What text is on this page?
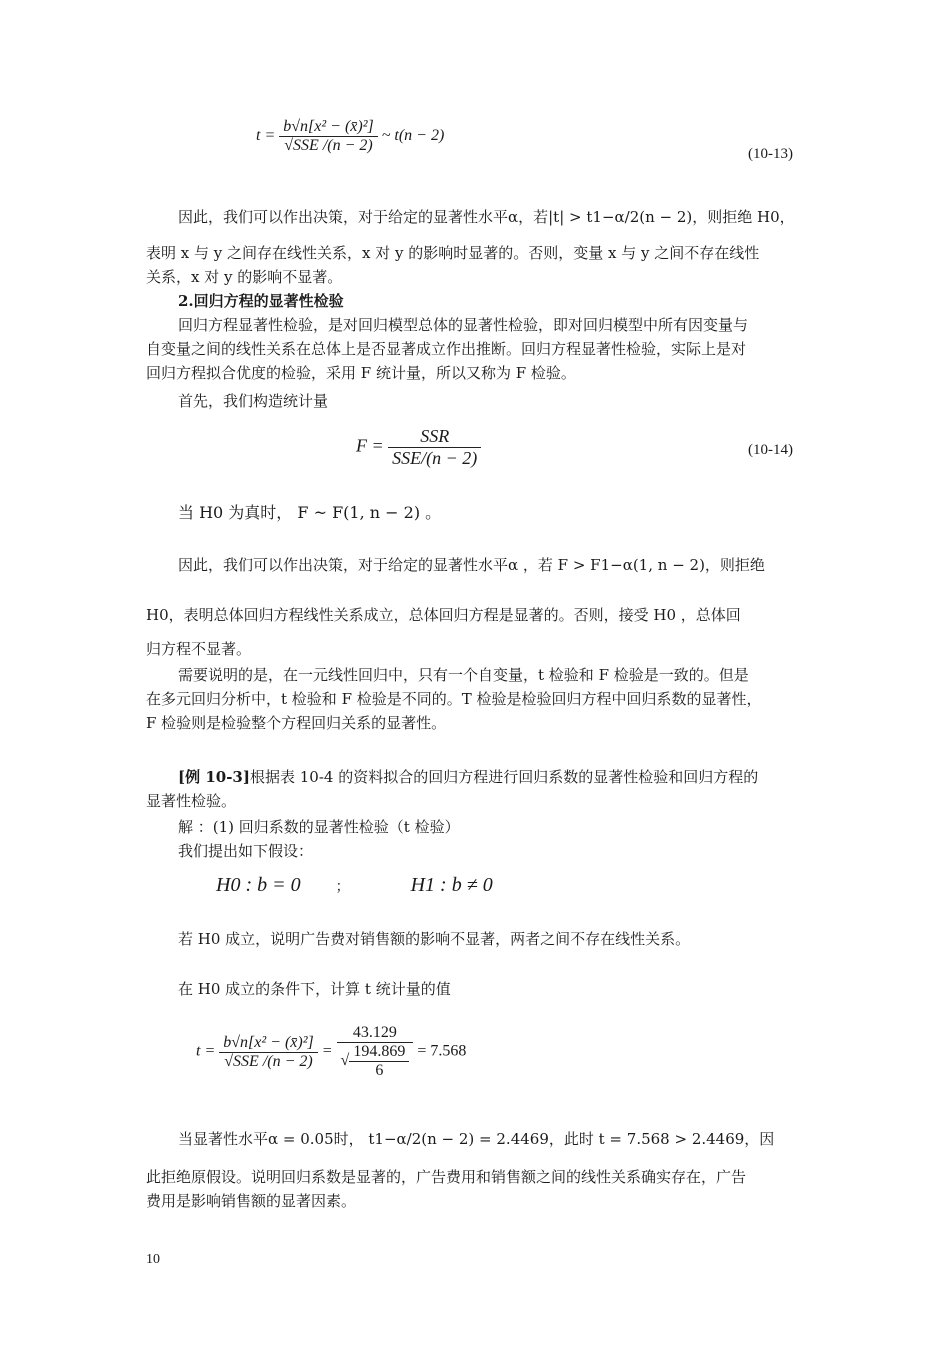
$t = \frac{\text{b√n[x² − (x̄)²]}}{\text{√SSE /(n − 2)}}$ ~ t(n − 2)
(10-13)
因此，我们可以作出决策，对于给定的显著性水平α，若|t| > t1−α/2(n − 2)，则拒绝 H0，
表明 x 与 y 之间存在线性关系，x 对 y 的影响时显著的。否则，变量 x 与 y 之间不存在线性
关系，x 对 y 的影响不显著。
2.回归方程的显著性检验
回归方程显著性检验，是对回归模型总体的显著性检验，即对回归模型中所有因变量与
自变量之间的线性关系在总体上是否显著成立作出推断。回归方程显著性检验，实际上是对
回归方程拟合优度的检验，采用 F 统计量，所以又称为 F 检验。
首先，我们构造统计量
$F = \frac{\text{SSR}}{\text{SSE/(n − 2)}}$	(10-14)
当 H0 为真时， F ~ F(1, n − 2) 。
因此，我们可以作出决策，对于给定的显著性水平α ，若 F > F1−α(1, n − 2)，则拒绝
H0，表明总体回归方程线性关系成立，总体回归方程是显著的。否则，接受 H0 ，总体回
归方程不显著。
需要说明的是，在一元线性回归中，只有一个自变量，t 检验和 F 检验是一致的。但是
在多元回归分析中，t 检验和 F 检验是不同的。T 检验是检验回归方程中回归系数的显著性，
F 检验则是检验整个方程回归关系的显著性。
[例 10-3]根据表 10-4 的资料拟合的回归方程进行回归系数的显著性检验和回归方程的
显著性检验。
解 ：(1) 回归系数的显著性检验（t 检验）
我们提出如下假设：
H0 : b = 0	；	H1 : b ≠ 0
若 H0 成立，说明广告费对销售额的影响不显著，两者之间不存在线性关系。
在 H0 成立的条件下，计算 t 统计量的值
$t = \frac{\text{b√n[x² − (x̄)²]}}{\text{√SSE /(n − 2)}} = \frac{43.129}{√ \frac{194.869}{6}} = 7.568$
当显著性水平α = 0.05时， t1−α/2(n − 2) = 2.4469，此时 t = 7.568 > 2.4469，因
此拒绝原假设。说明回归系数是显著的，广告费用和销售额之间的线性关系确实存在，广告
费用是影响销售额的显著因素。
10
